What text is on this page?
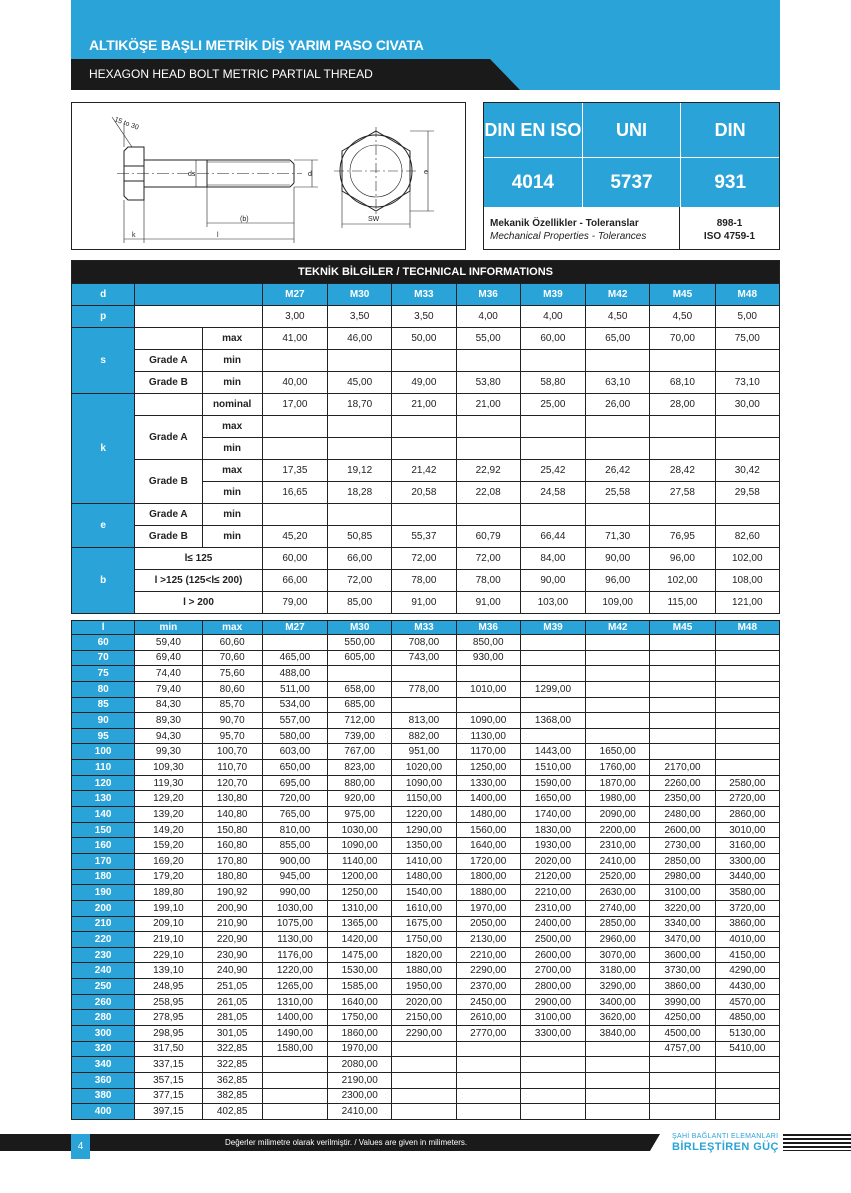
ALTIKÖŞE BAŞLI METRİK DİŞ YARIM PASO CIVATA
HEXAGON HEAD BOLT METRIC PARTIAL THREAD
15 to 30
ds	d	e
(b)
k	l
SW
DIN EN ISO	UNI	DIN
4014	5737	931
Mekanik Özellikler - Toleranslar
Mechanical Properties - Tolerances
898-1
ISO 4759-1
TEKNİK BİLGİLER / TECHNICAL INFORMATIONS										
d			M27	M30	M33	M36	M39	M42	M45	M48
p			3,00	3,50	3,50	4,00	4,00	4,50	4,50	5,00
s		max	41,00	46,00	50,00	55,00	60,00	65,00	70,00	75,00
	Grade A	min								
	Grade B	min	40,00	45,00	49,00	53,80	58,80	63,10	68,10	73,10
k		nominal	17,00	18,70	21,00	21,00	25,00	26,00	28,00	30,00
	Grade A	max								
		min								
	Grade B	max	17,35	19,12	21,42	22,92	25,42	26,42	28,42	30,42
		min	16,65	18,28	20,58	22,08	24,58	25,58	27,58	29,58
e	Grade A	min								
	Grade B	min	45,20	50,85	55,37	60,79	66,44	71,30	76,95	82,60
b	l≤ 125		60,00	66,00	72,00	72,00	84,00	90,00	96,00	102,00
	l >125 (125<l≤ 200)		66,00	72,00	78,00	78,00	90,00	96,00	102,00	108,00
	l > 200		79,00	85,00	91,00	91,00	103,00	109,00	115,00	121,00
l	min	max	M27	M30	M33	M36	M39	M42	M45	M48
60	59,40	60,60		550,00	708,00	850,00				
70	69,40	70,60	465,00	605,00	743,00	930,00				
75	74,40	75,60	488,00							
80	79,40	80,60	511,00	658,00	778,00	1010,00	1299,00			
85	84,30	85,70	534,00	685,00						
90	89,30	90,70	557,00	712,00	813,00	1090,00	1368,00			
95	94,30	95,70	580,00	739,00	882,00	1130,00				
100	99,30	100,70	603,00	767,00	951,00	1170,00	1443,00	1650,00		
110	109,30	110,70	650,00	823,00	1020,00	1250,00	1510,00	1760,00	2170,00	
120	119,30	120,70	695,00	880,00	1090,00	1330,00	1590,00	1870,00	2260,00	2580,00
130	129,20	130,80	720,00	920,00	1150,00	1400,00	1650,00	1980,00	2350,00	2720,00
140	139,20	140,80	765,00	975,00	1220,00	1480,00	1740,00	2090,00	2480,00	2860,00
150	149,20	150,80	810,00	1030,00	1290,00	1560,00	1830,00	2200,00	2600,00	3010,00
160	159,20	160,80	855,00	1090,00	1350,00	1640,00	1930,00	2310,00	2730,00	3160,00
170	169,20	170,80	900,00	1140,00	1410,00	1720,00	2020,00	2410,00	2850,00	3300,00
180	179,20	180,80	945,00	1200,00	1480,00	1800,00	2120,00	2520,00	2980,00	3440,00
190	189,80	190,92	990,00	1250,00	1540,00	1880,00	2210,00	2630,00	3100,00	3580,00
200	199,10	200,90	1030,00	1310,00	1610,00	1970,00	2310,00	2740,00	3220,00	3720,00
210	209,10	210,90	1075,00	1365,00	1675,00	2050,00	2400,00	2850,00	3340,00	3860,00
220	219,10	220,90	1130,00	1420,00	1750,00	2130,00	2500,00	2960,00	3470,00	4010,00
230	229,10	230,90	1176,00	1475,00	1820,00	2210,00	2600,00	3070,00	3600,00	4150,00
240	139,10	240,90	1220,00	1530,00	1880,00	2290,00	2700,00	3180,00	3730,00	4290,00
250	248,95	251,05	1265,00	1585,00	1950,00	2370,00	2800,00	3290,00	3860,00	4430,00
260	258,95	261,05	1310,00	1640,00	2020,00	2450,00	2900,00	3400,00	3990,00	4570,00
280	278,95	281,05	1400,00	1750,00	2150,00	2610,00	3100,00	3620,00	4250,00	4850,00
300	298,95	301,05	1490,00	1860,00	2290,00	2770,00	3300,00	3840,00	4500,00	5130,00
320	317,50	322,85	1580,00	1970,00					4757,00	5410,00
340	337,15	322,85		2080,00						
360	357,15	362,85		2190,00						
380	377,15	382,85		2300,00						
400	397,15	402,85		2410,00						
4	Değerler milimetre olarak verilmiştir. / Values are given in milimeters.
ŞAHİ BAĞLANTI ELEMANLARI
BİRLEŞTİREN GÜÇ
